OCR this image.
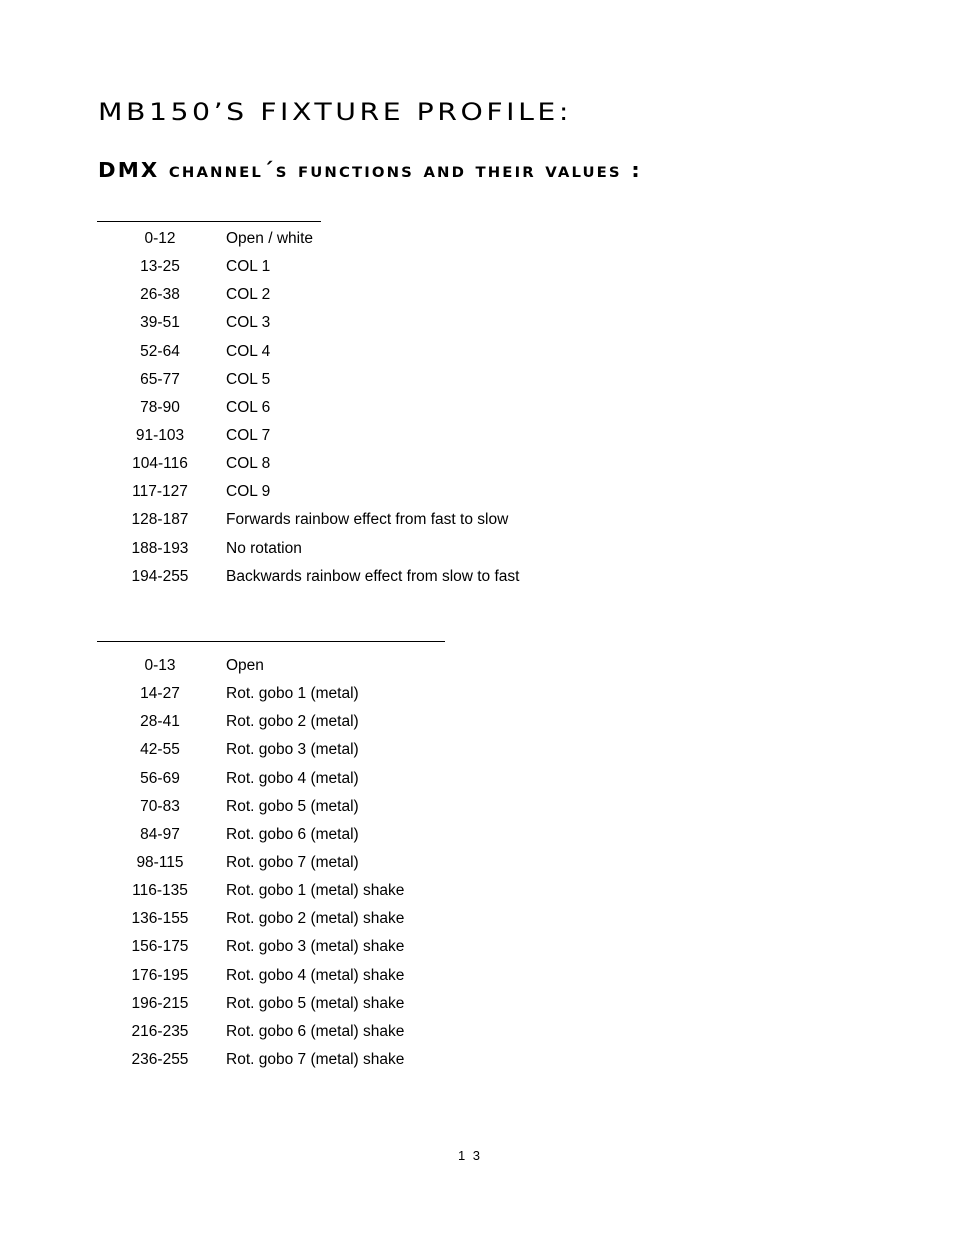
MB150’S FIXTURE PROFILE:
DMX channel´s functions and their values :
0-12	Open / white
13-25	COL 1
26-38	COL 2
39-51	COL 3
52-64	COL 4
65-77	COL 5
78-90	COL 6
91-103	COL 7
104-116	COL 8
117-127	COL 9
128-187	Forwards rainbow effect from fast to slow
188-193	No rotation
194-255	Backwards rainbow effect from slow to fast
0-13	Open
14-27	Rot. gobo 1 (metal)
28-41	Rot. gobo 2 (metal)
42-55	Rot. gobo 3 (metal)
56-69	Rot. gobo 4 (metal)
70-83	Rot. gobo 5 (metal)
84-97	Rot. gobo 6 (metal)
98-115	Rot. gobo 7 (metal)
116-135	Rot. gobo 1 (metal) shake
136-155	Rot. gobo 2 (metal) shake
156-175	Rot. gobo 3 (metal) shake
176-195	Rot. gobo 4 (metal) shake
196-215	Rot. gobo 5 (metal) shake
216-235	Rot. gobo 6 (metal) shake
236-255	Rot. gobo 7 (metal) shake
1 3
